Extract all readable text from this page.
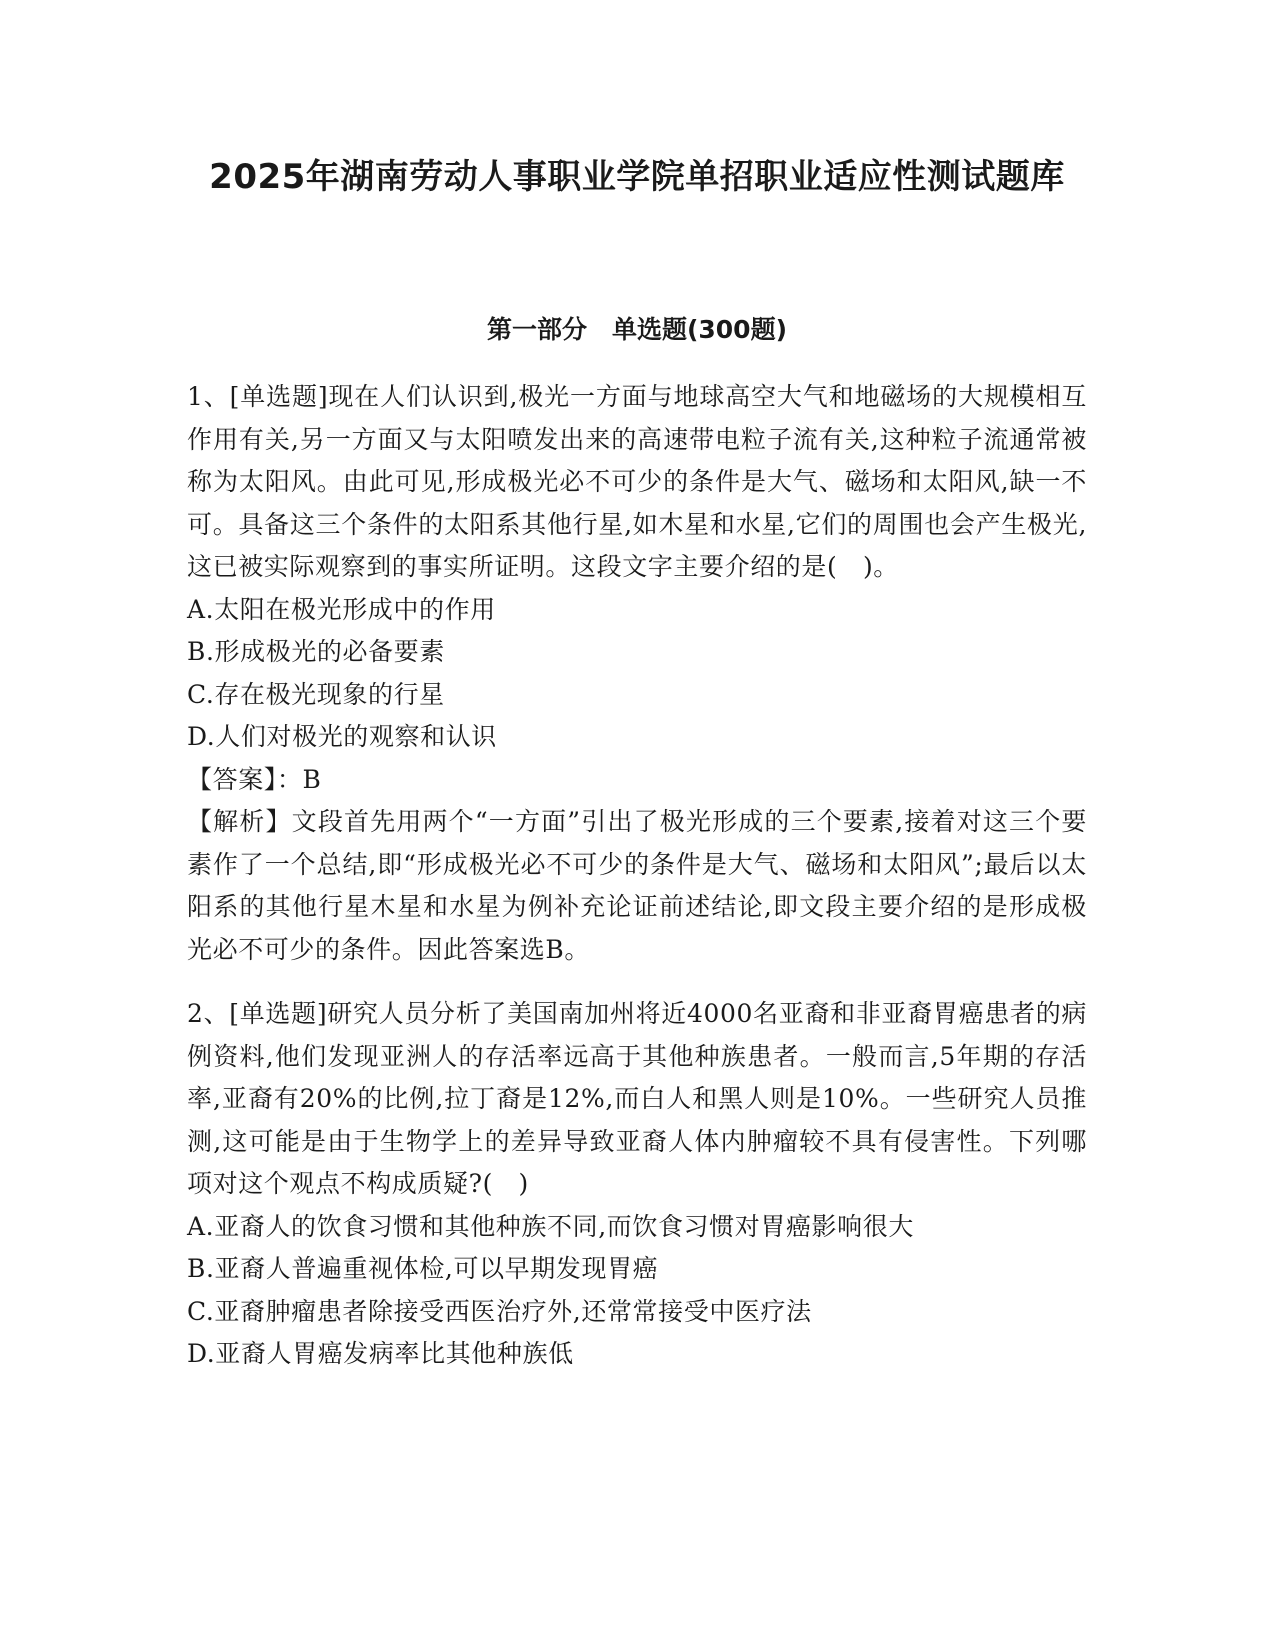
2025年湖南劳动人事职业学院单招职业适应性测试题库
第一部分　单选题(300题)
1、[单选题]现在人们认识到,极光一方面与地球高空大气和地磁场的大规模相互作用有关,另一方面又与太阳喷发出来的高速带电粒子流有关,这种粒子流通常被称为太阳风。由此可见,形成极光必不可少的条件是大气、磁场和太阳风,缺一不可。具备这三个条件的太阳系其他行星,如木星和水星,它们的周围也会产生极光,这已被实际观察到的事实所证明。这段文字主要介绍的是(　)。
A.太阳在极光形成中的作用
B.形成极光的必备要素
C.存在极光现象的行星
D.人们对极光的观察和认识
【答案】：B
【解析】文段首先用两个“一方面”引出了极光形成的三个要素,接着对这三个要素作了一个总结,即“形成极光必不可少的条件是大气、磁场和太阳风”;最后以太阳系的其他行星木星和水星为例补充论证前述结论,即文段主要介绍的是形成极光必不可少的条件。因此答案选B。
2、[单选题]研究人员分析了美国南加州将近4000名亚裔和非亚裔胃癌患者的病例资料,他们发现亚洲人的存活率远高于其他种族患者。一般而言,5年期的存活率,亚裔有20%的比例,拉丁裔是12%,而白人和黑人则是10%。一些研究人员推测,这可能是由于生物学上的差异导致亚裔人体内肿瘤较不具有侵害性。下列哪项对这个观点不构成质疑?(　)
A.亚裔人的饮食习惯和其他种族不同,而饮食习惯对胃癌影响很大
B.亚裔人普遍重视体检,可以早期发现胃癌
C.亚裔肿瘤患者除接受西医治疗外,还常常接受中医疗法
D.亚裔人胃癌发病率比其他种族低
